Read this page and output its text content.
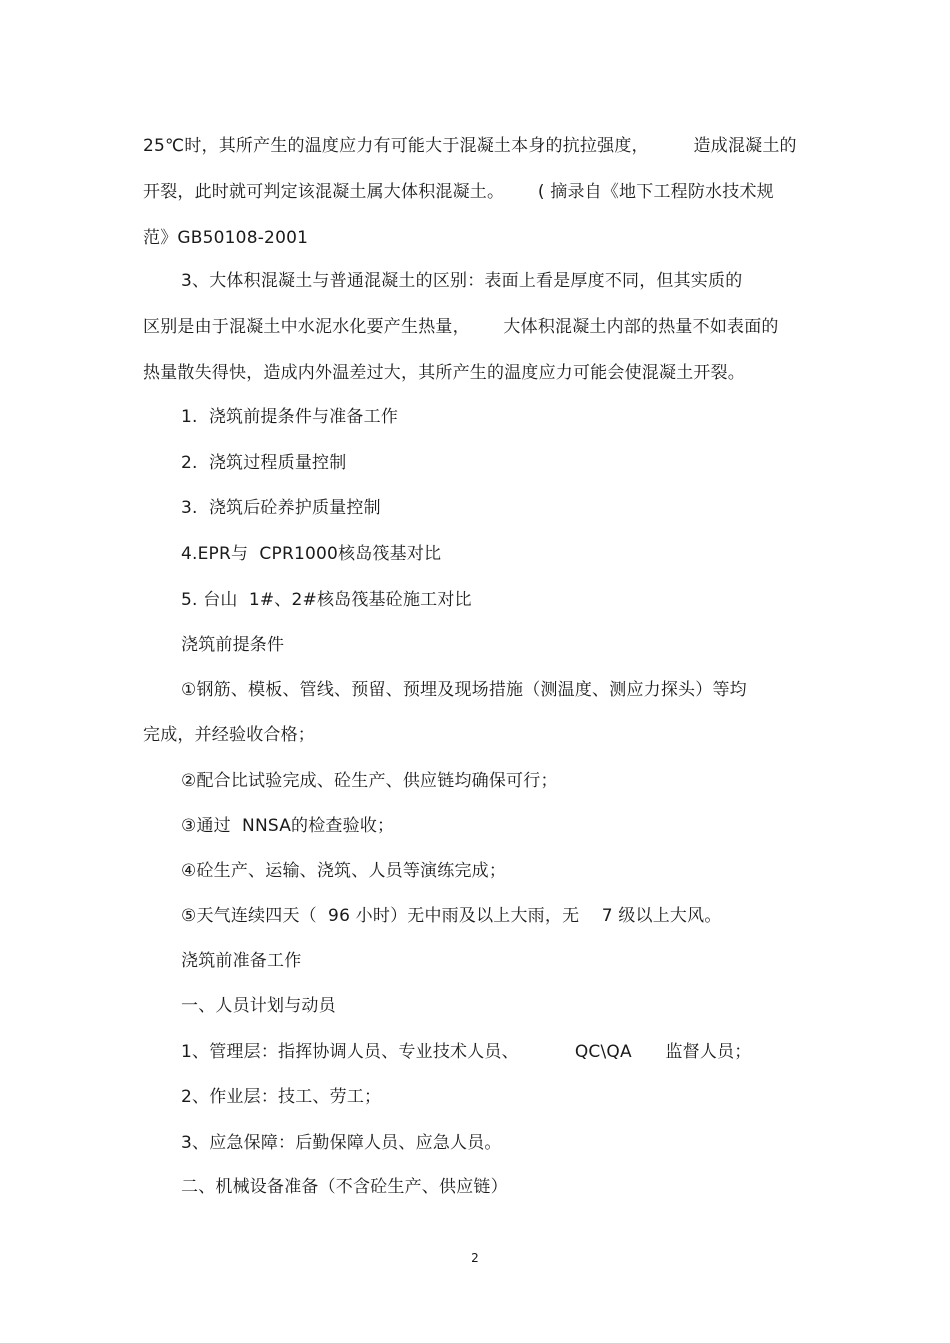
25℃时，其所产生的温度应力有可能大于混凝土本身的抗拉强度，        造成混凝土的
开裂，此时就可判定该混凝土属大体积混凝土。      ( 摘录自《地下工程防水技术规
范》GB50108-2001
3、大体积混凝土与普通混凝土的区别：表面上看是厚度不同，但其实质的
区别是由于混凝土中水泥水化要产生热量，      大体积混凝土内部的热量不如表面的
热量散失得快，造成内外温差过大，其所产生的温度应力可能会使混凝土开裂。
1.  浇筑前提条件与准备工作
2.  浇筑过程质量控制
3.  浇筑后砼养护质量控制
4.EPR与  CPR1000核岛筏基对比
5. 台山  1#、2#核岛筏基砼施工对比
浇筑前提条件
①钢筋、模板、管线、预留、预埋及现场措施（测温度、测应力探头）等均
完成，并经验收合格；
②配合比试验完成、砼生产、供应链均确保可行；
③通过  NNSA的检查验收；
④砼生产、运输、浇筑、人员等演练完成；
⑤天气连续四天（  96 小时）无中雨及以上大雨，无    7 级以上大风。
浇筑前准备工作
一、人员计划与动员
1、管理层：指挥协调人员、专业技术人员、          QC\QA      监督人员；
2、作业层：技工、劳工；
3、应急保障：后勤保障人员、应急人员。
二、机械设备准备（不含砼生产、供应链）
2
